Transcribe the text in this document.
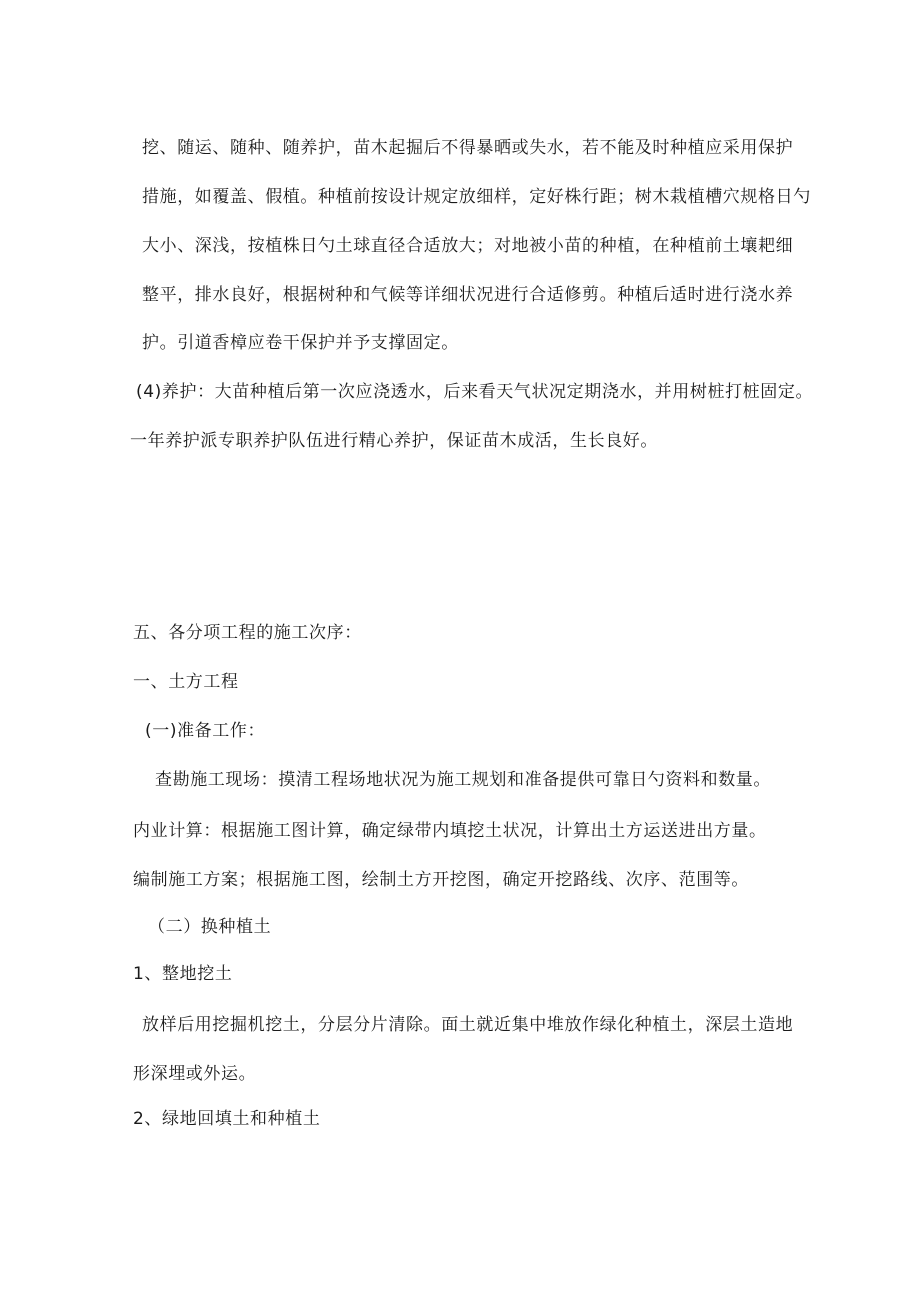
挖、随运、随种、随养护，苗木起掘后不得暴晒或失水，若不能及时种植应采用保护
措施，如覆盖、假植。种植前按设计规定放细样，定好株行距；树木栽植槽穴规格日勺
大小、深浅，按植株日勺土球直径合适放大；对地被小苗的种植，在种植前土壤耙细
整平，排水良好，根据树种和气候等详细状况进行合适修剪。种植后适时进行浇水养
护。引道香樟应卷干保护并予支撑固定。
(4)养护：大苗种植后第一次应浇透水，后来看天气状况定期浇水，并用树桩打桩固定。
一年养护派专职养护队伍进行精心养护，保证苗木成活，生长良好。
五、各分项工程的施工次序：
一、土方工程
(一)准备工作：
查勘施工现场：摸清工程场地状况为施工规划和准备提供可靠日勺资料和数量。
内业计算：根据施工图计算，确定绿带内填挖土状况，计算出土方运送进出方量。
编制施工方案；根据施工图，绘制土方开挖图，确定开挖路线、次序、范围等。
（二）换种植土
1、整地挖土
放样后用挖掘机挖土，分层分片清除。面土就近集中堆放作绿化种植土，深层土造地
形深埋或外运。
2、绿地回填土和种植土
